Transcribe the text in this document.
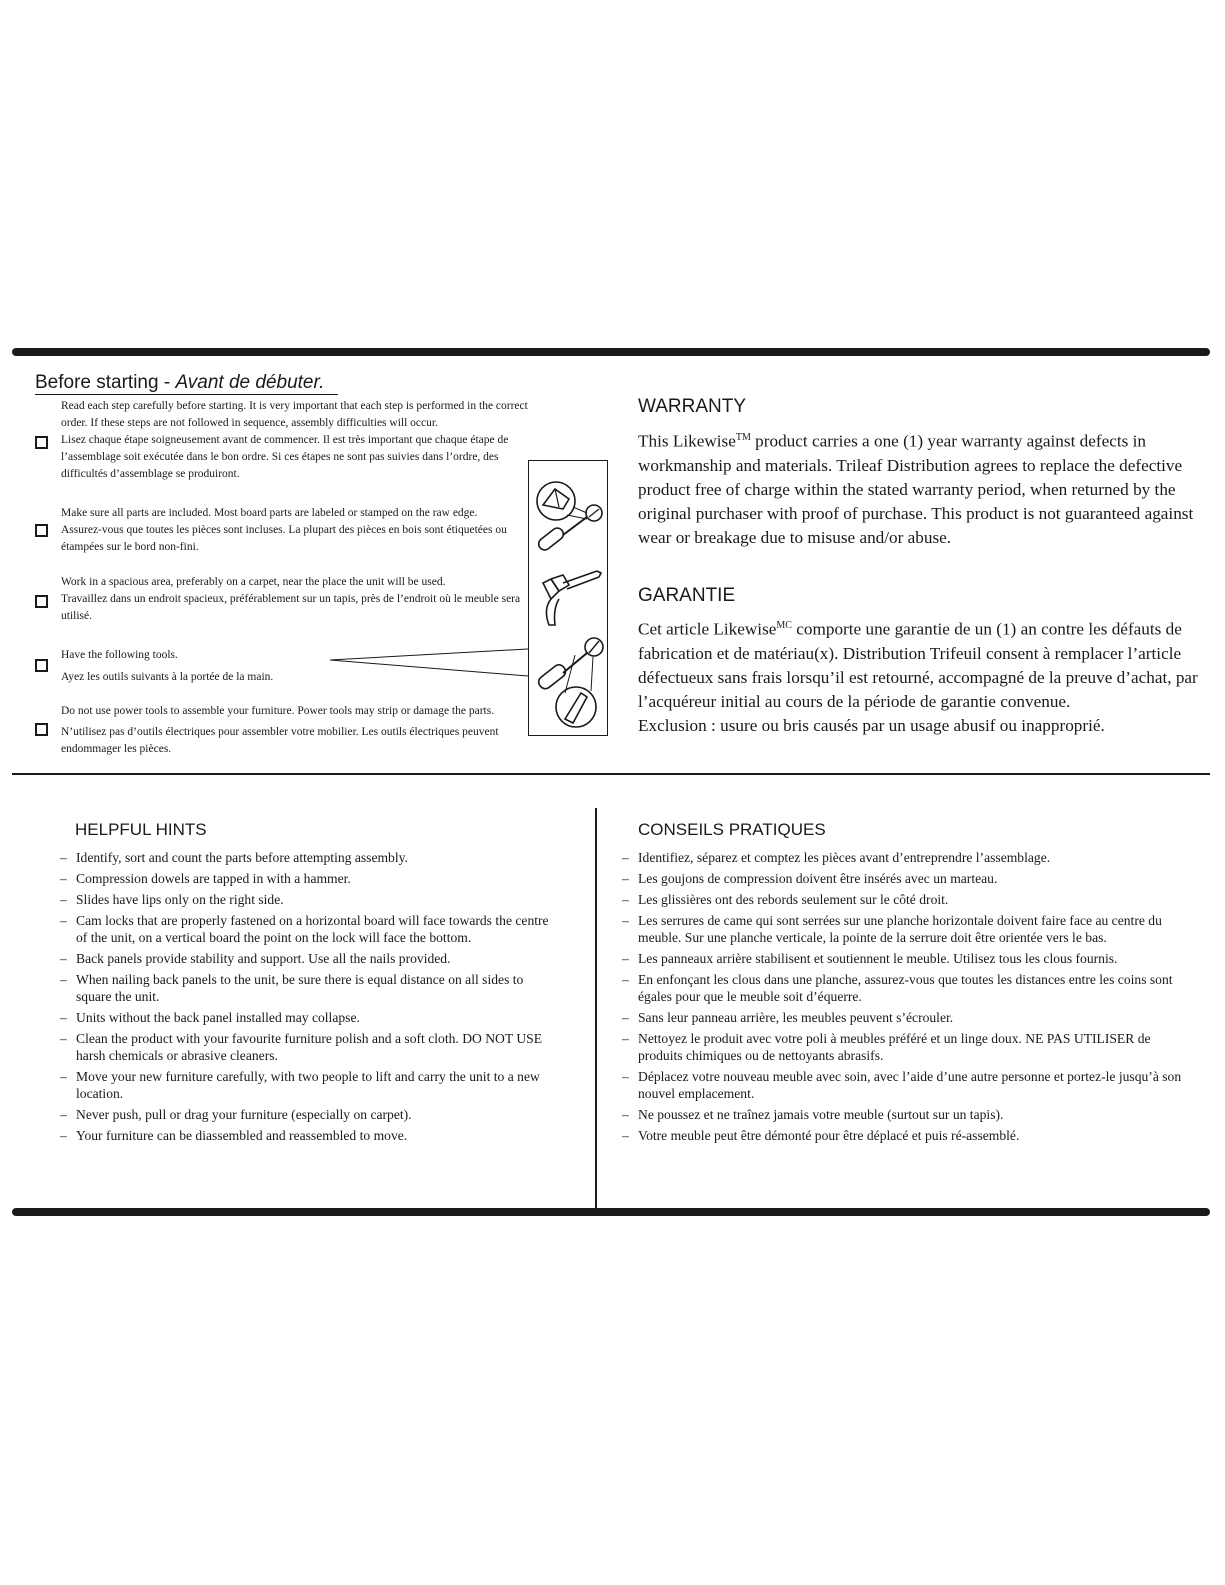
Before starting - Avant de débuter.
Read each step carefully before starting. It is very important that each step is performed in the correct order. If these steps are not followed in sequence, assembly difficulties will occur.
Lisez chaque étape soigneusement avant de commencer. Il est très important que chaque étape de l’assemblage soit exécutée dans le bon ordre. Si ces étapes ne sont pas suivies dans l’ordre, des difficultés d’assemblage se produiront.
Make sure all parts are included. Most board parts are labeled or stamped on the raw edge.
Assurez-vous que toutes les pièces sont incluses. La plupart des pièces en bois sont étiquetées ou étampées sur le bord non-fini.
Work in a spacious area, preferably on a carpet, near the place the unit will be used.
Travaillez dans un endroit spacieux, préférablement sur un tapis, près de l’endroit où le meuble sera utilisé.
Have the following tools.
Ayez les outils suivants à la portée de la main.
Do not use power tools to assemble your furniture. Power tools may strip or damage the parts.
N’utilisez pas d’outils électriques pour assembler votre mobilier. Les outils électriques peuvent endommager les pièces.
WARRANTY
This Likewise™ product carries a one (1) year warranty against defects in workmanship and materials. Trileaf Distribution agrees to replace the defective product free of charge within the stated warranty period, when returned by the original purchaser with proof of purchase. This product is not guaranteed against wear or breakage due to misuse and/or abuse.
GARANTIE
Cet article Likewise$^{MC}$ comporte une garantie de un (1) an contre les défauts de fabrication et de matériau(x). Distribution Trifeuil consent à remplacer l’article défectueux sans frais lorsqu’il est retourné, accompagné de la preuve d’achat, par l’acquéreur initial au cours de la période de garantie convenue.
Exclusion : usure ou bris causés par un usage abusif ou inapproprié.
HELPFUL HINTS
– Identify, sort and count the parts before attempting assembly.
– Compression dowels are tapped in with a hammer.
– Slides have lips only on the right side.
– Cam locks that are properly fastened on a horizontal board will face towards the centre of the unit, on a vertical board the point on the lock will face the bottom.
– Back panels provide stability and support. Use all the nails provided.
– When nailing back panels to the unit, be sure there is equal distance on all sides to square the unit.
– Units without the back panel installed may collapse.
– Clean the product with your favourite furniture polish and a soft cloth. DO NOT USE harsh chemicals or abrasive cleaners.
– Move your new furniture carefully, with two people to lift and carry the unit to a new location.
– Never push, pull or drag your furniture (especially on carpet).
– Your furniture can be diassembled and reassembled to move.
CONSEILS PRATIQUES
– Identifiez, séparez et comptez les pièces avant d’entreprendre l’assemblage.
– Les goujons de compression doivent être insérés avec un marteau.
– Les glissières ont des rebords seulement sur le côté droit.
– Les serrures de came qui sont serrées sur une planche horizontale doivent faire face au centre du meuble. Sur une planche verticale, la pointe de la serrure doit être orientée vers le bas.
– Les panneaux arrière stabilisent et soutiennent le meuble. Utilisez tous les clous fournis.
– En enfonçant les clous dans une planche, assurez-vous que toutes les distances entre les coins sont égales pour que le meuble soit d’équerre.
– Sans leur panneau arrière, les meubles peuvent s’écrouler.
– Nettoyez le produit avec votre poli à meubles préféré et un linge doux. NE PAS UTILISER de produits chimiques ou de nettoyants abrasifs.
– Déplacez votre nouveau meuble avec soin, avec l’aide d’une autre personne et portez-le jusqu’à son nouvel emplacement.
– Ne poussez et ne traînez jamais votre meuble (surtout sur un tapis).
– Votre meuble peut être démonté pour être déplacé et puis ré-assemblé.
